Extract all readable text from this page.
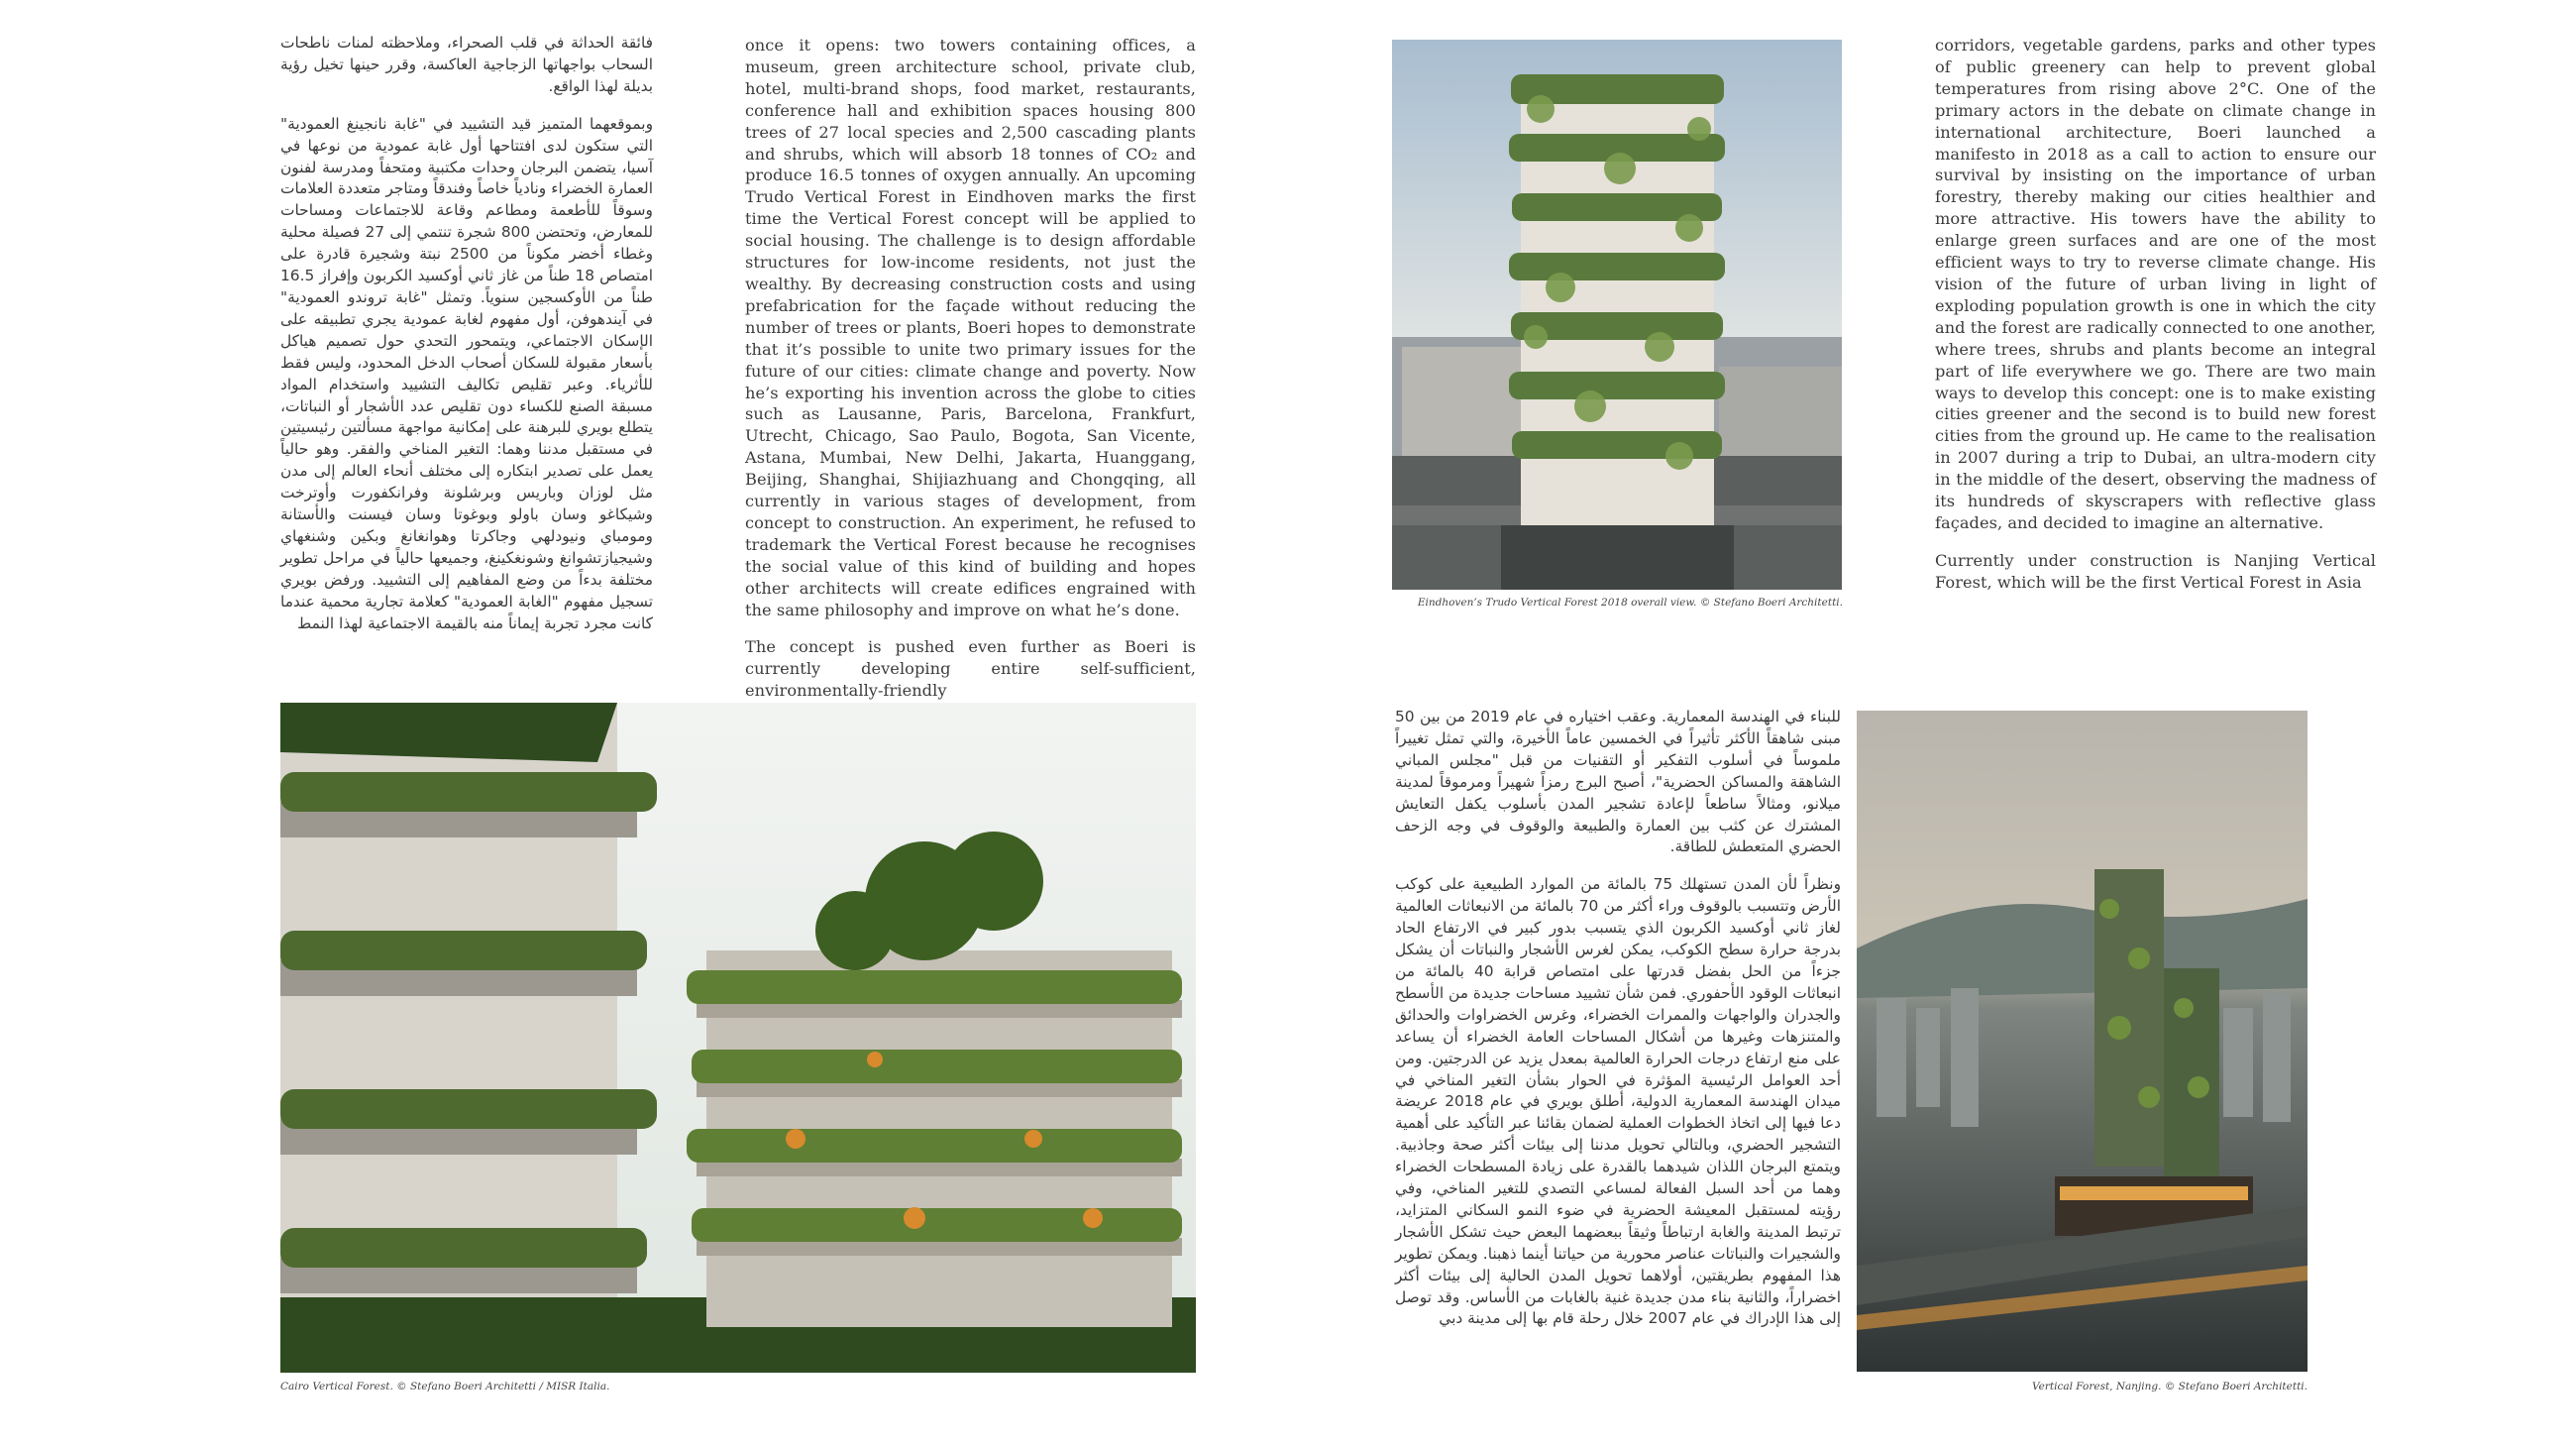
فائقة الحداثة في قلب الصحراء، وملاحظته لمنات ناطحات السحاب بواجهاتها الزجاجية العاكسة، وقرر حينها تخيل رؤية بديلة لهذا الواقع.

وبموقعهما المتميز قيد التشييد في "غابة نانجينغ العمودية" التي ستكون لدى افتتاحها أول غابة عمودية من نوعها في آسيا، يتضمن البرجان وحدات مكتبية ومتحفاً ومدرسة لفنون العمارة الخضراء ونادياً خاصاً وفندقاً ومتاجر متعددة العلامات وسوقاً للأطعمة ومطاعم وقاعة للاجتماعات ومساحات للمعارض، وتحتضن 800 شجرة تنتمي إلى 27 فصيلة محلية وغطاء أخضر مكوناً من 2500 نبتة وشجيرة قادرة على امتصاص 18 طناً من غاز ثاني أوكسيد الكربون وإفراز 16.5 طناً من الأوكسجين سنوياً. وتمثل "غابة تروندو العمودية" في آيندهوفن، أول مفهوم لغابة عمودية يجري تطبيقه على الإسكان الاجتماعي، ويتمحور التحدي حول تصميم هياكل بأسعار مقبولة للسكان أصحاب الدخل المحدود، وليس فقط للأثرياء. وعبر تقليص تكاليف التشييد واستخدام المواد مسبقة الصنع للكساء دون تقليص عدد الأشجار أو النباتات، يتطلع بويري للبرهنة على إمكانية مواجهة مسألتين رئيسيتين في مستقبل مدننا وهما: التغير المناخي والفقر. وهو حالياً يعمل على تصدير ابتكاره إلى مختلف أنحاء العالم إلى مدن مثل لوزان وباريس وبرشلونة وفرانكفورت وأوترخت وشيكاغو وسان باولو وبوغوتا وسان فيسنت والأستانة ومومباي ونيودلهي وجاكرتا وهوانغانغ وبكين وشنغهاي وشيجيازتشوانغ وشونغكينغ، وجميعها حالياً في مراحل تطوير مختلفة بدءاً من وضع المفاهيم إلى التشييد. ورفض بويري تسجيل مفهوم "الغابة العمودية" كعلامة تجارية محمية عندما كانت مجرد تجربة إيماناً منه بالقيمة الاجتماعية لهذا النمط

once it opens: two towers containing offices, a museum, green architecture school, private club, hotel, multi-brand shops, food market, restaurants, conference hall and exhibition spaces housing 800 trees of 27 local species and 2,500 cascading plants and shrubs, which will absorb 18 tonnes of CO₂ and produce 16.5 tonnes of oxygen annually. An upcoming Trudo Vertical Forest in Eindhoven marks the first time the Vertical Forest concept will be applied to social housing. The challenge is to design affordable structures for low-income residents, not just the wealthy. By decreasing construction costs and using prefabrication for the façade without reducing the number of trees or plants, Boeri hopes to demonstrate that it’s possible to unite two primary issues for the future of our cities: climate change and poverty. Now he’s exporting his invention across the globe to cities such as Lausanne, Paris, Barcelona, Frankfurt, Utrecht, Chicago, Sao Paulo, Bogota, San Vicente, Astana, Mumbai, New Delhi, Jakarta, Huanggang, Beijing, Shanghai, Shijiazhuang and Chongqing, all currently in various stages of development, from concept to construction. An experiment, he refused to trademark the Vertical Forest because he recognises the social value of this kind of building and hopes other architects will create edifices engrained with the same philosophy and improve on what he’s done.

The concept is pushed even further as Boeri is currently developing entire self-sufficient, environmentally-friendly

Eindhoven’s Trudo Vertical Forest 2018 overall view. © Stefano Boeri Architetti.

corridors, vegetable gardens, parks and other types of public greenery can help to prevent global temperatures from rising above 2°C. One of the primary actors in the debate on climate change in international architecture, Boeri launched a manifesto in 2018 as a call to action to ensure our survival by insisting on the importance of urban forestry, thereby making our cities healthier and more attractive. His towers have the ability to enlarge green surfaces and are one of the most efficient ways to try to reverse climate change. His vision of the future of urban living in light of exploding population growth is one in which the city and the forest are radically connected to one another, where trees, shrubs and plants become an integral part of life everywhere we go. There are two main ways to develop this concept: one is to make existing cities greener and the second is to build new forest cities from the ground up. He came to the realisation in 2007 during a trip to Dubai, an ultra-modern city in the middle of the desert, observing the madness of its hundreds of skyscrapers with reflective glass façades, and decided to imagine an alternative.

Currently under construction is Nanjing Vertical Forest, which will be the first Vertical Forest in Asia

Cairo Vertical Forest. © Stefano Boeri Architetti / MISR Italia.

للبناء في الهندسة المعمارية. وعقب اختياره في عام 2019 من بين 50 مبنى شاهقاً الأكثر تأثيراً في الخمسين عاماً الأخيرة، والتي تمثل تغييراً ملموساً في أسلوب التفكير أو التقنيات من قبل "مجلس المباني الشاهقة والمساكن الحضرية"، أصبح البرج رمزاً شهيراً ومرموقاً لمدينة ميلانو، ومثالاً ساطعاً لإعادة تشجير المدن بأسلوب يكفل التعايش المشترك عن كثب بين العمارة والطبيعة والوقوف في وجه الزحف الحضري المتعطش للطاقة.

ونظراً لأن المدن تستهلك 75 بالمائة من الموارد الطبيعية على كوكب الأرض وتتسبب بالوقوف وراء أكثر من 70 بالمائة من الانبعاثات العالمية لغاز ثاني أوكسيد الكربون الذي يتسبب بدور كبير في الارتفاع الحاد بدرجة حرارة سطح الكوكب، يمكن لغرس الأشجار والنباتات أن يشكل جزءاً من الحل بفضل قدرتها على امتصاص قرابة 40 بالمائة من انبعاثات الوقود الأحفوري. فمن شأن تشييد مساحات جديدة من الأسطح والجدران والواجهات والممرات الخضراء، وغرس الخضراوات والحدائق والمتنزهات وغيرها من أشكال المساحات العامة الخضراء أن يساعد على منع ارتفاع درجات الحرارة العالمية بمعدل يزيد عن الدرجتين. ومن أحد العوامل الرئيسية المؤثرة في الحوار بشأن التغير المناخي في ميدان الهندسة المعمارية الدولية، أطلق بويري في عام 2018 عريضة دعا فيها إلى اتخاذ الخطوات العملية لضمان بقائنا عبر التأكيد على أهمية التشجير الحضري، وبالتالي تحويل مدننا إلى بيئات أكثر صحة وجاذبية. ويتمتع البرجان اللذان شيدهما بالقدرة على زيادة المسطحات الخضراء وهما من أحد السبل الفعالة لمساعي التصدي للتغير المناخي، وفي رؤيته لمستقبل المعيشة الحضرية في ضوء النمو السكاني المتزايد، ترتبط المدينة والغابة ارتباطاً وثيقاً ببعضهما البعض حيث تشكل الأشجار والشجيرات والنباتات عناصر محورية من حياتنا أينما ذهبنا. ويمكن تطوير هذا المفهوم بطريقتين، أولاهما تحويل المدن الحالية إلى بيئات أكثر اخضراراً، والثانية بناء مدن جديدة غنية بالغابات من الأساس. وقد توصل إلى هذا الإدراك في عام 2007 خلال رحلة قام بها إلى مدينة دبي

Vertical Forest, Nanjing. © Stefano Boeri Architetti.
